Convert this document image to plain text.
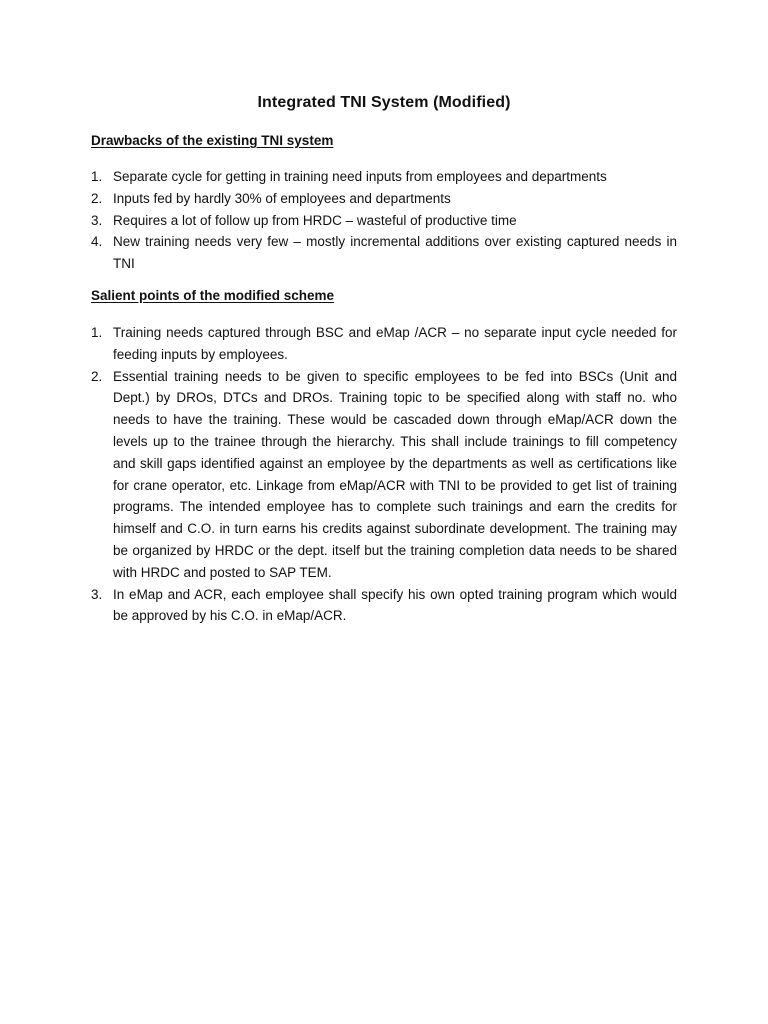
Integrated TNI System (Modified)
Drawbacks of the existing TNI system
1. Separate cycle for getting in training need inputs from employees and departments
2. Inputs fed by hardly 30% of employees and departments
3. Requires a lot of follow up from HRDC – wasteful of productive time
4. New training needs very few – mostly incremental additions over existing captured needs in TNI
Salient points of the modified scheme
1. Training needs captured through BSC and eMap /ACR – no separate input cycle needed for feeding inputs by employees.
2. Essential training needs to be given to specific employees to be fed into BSCs (Unit and Dept.) by DROs, DTCs and DROs. Training topic to be specified along with staff no. who needs to have the training. These would be cascaded down through eMap/ACR down the levels up to the trainee through the hierarchy. This shall include trainings to fill competency and skill gaps identified against an employee by the departments as well as certifications like for crane operator, etc. Linkage from eMap/ACR with TNI to be provided to get list of training programs. The intended employee has to complete such trainings and earn the credits for himself and C.O. in turn earns his credits against subordinate development. The training may be organized by HRDC or the dept. itself but the training completion data needs to be shared with HRDC and posted to SAP TEM.
3. In eMap and ACR, each employee shall specify his own opted training program which would be approved by his C.O. in eMap/ACR.
